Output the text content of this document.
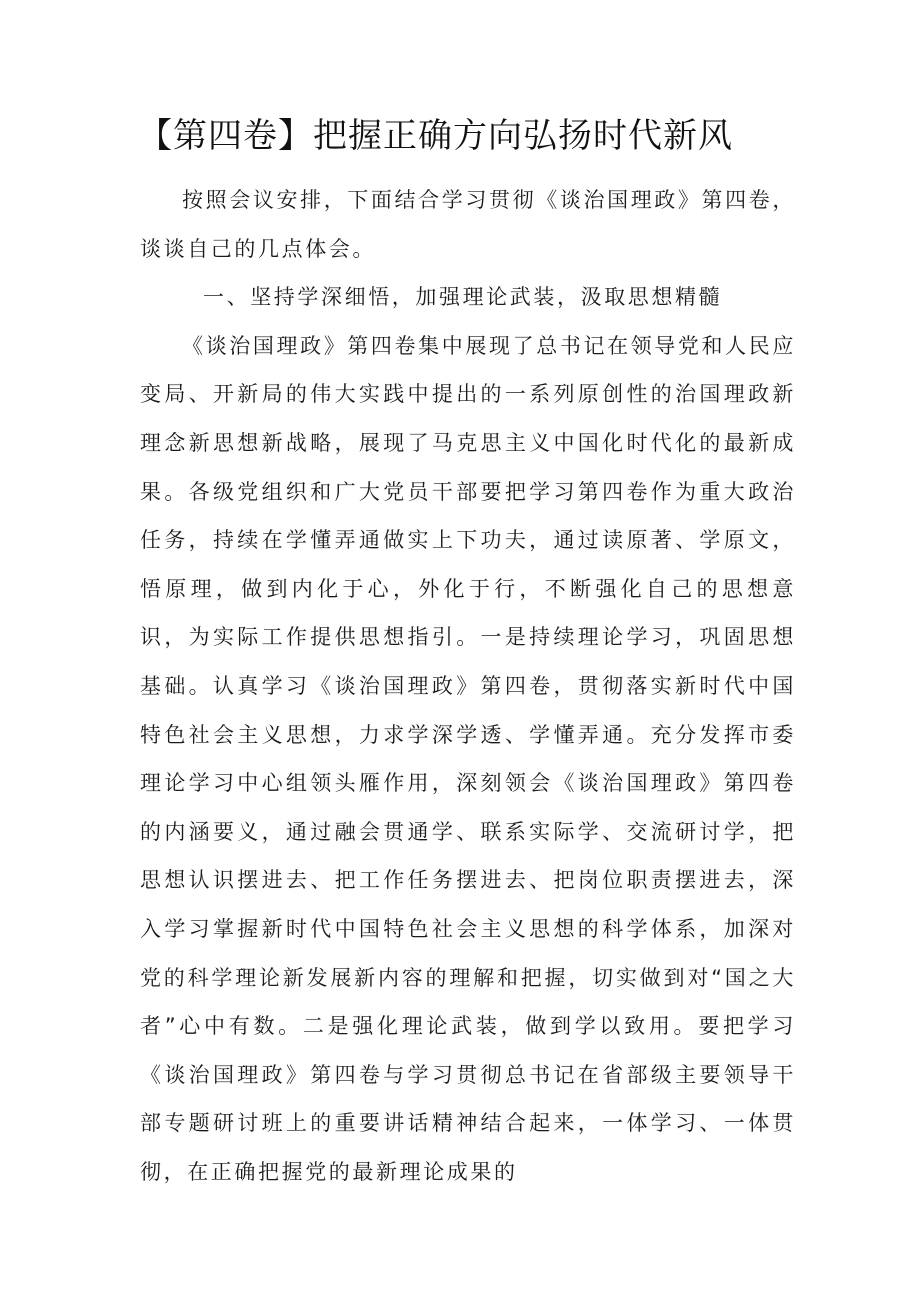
【第四卷】把握正确方向弘扬时代新风

按照会议安排，下面结合学习贯彻《谈治国理政》第四卷，谈谈自己的几点体会。

一、坚持学深细悟，加强理论武装，汲取思想精髓

《谈治国理政》第四卷集中展现了总书记在领导党和人民应变局、开新局的伟大实践中提出的一系列原创性的治国理政新理念新思想新战略，展现了马克思主义中国化时代化的最新成果。各级党组织和广大党员干部要把学习第四卷作为重大政治任务，持续在学懂弄通做实上下功夫，通过读原著、学原文，悟原理，做到内化于心，外化于行，不断强化自己的思想意识，为实际工作提供思想指引。一是持续理论学习，巩固思想基础。认真学习《谈治国理政》第四卷，贯彻落实新时代中国特色社会主义思想，力求学深学透、学懂弄通。充分发挥市委理论学习中心组领头雁作用，深刻领会《谈治国理政》第四卷的内涵要义，通过融会贯通学、联系实际学、交流研讨学，把思想认识摆进去、把工作任务摆进去、把岗位职责摆进去，深入学习掌握新时代中国特色社会主义思想的科学体系，加深对党的科学理论新发展新内容的理解和把握，切实做到对“国之大者”心中有数。二是强化理论武装，做到学以致用。要把学习《谈治国理政》第四卷与学习贯彻总书记在省部级主要领导干部专题研讨班上的重要讲话精神结合起来，一体学习、一体贯彻，在正确把握党的最新理论成果的
